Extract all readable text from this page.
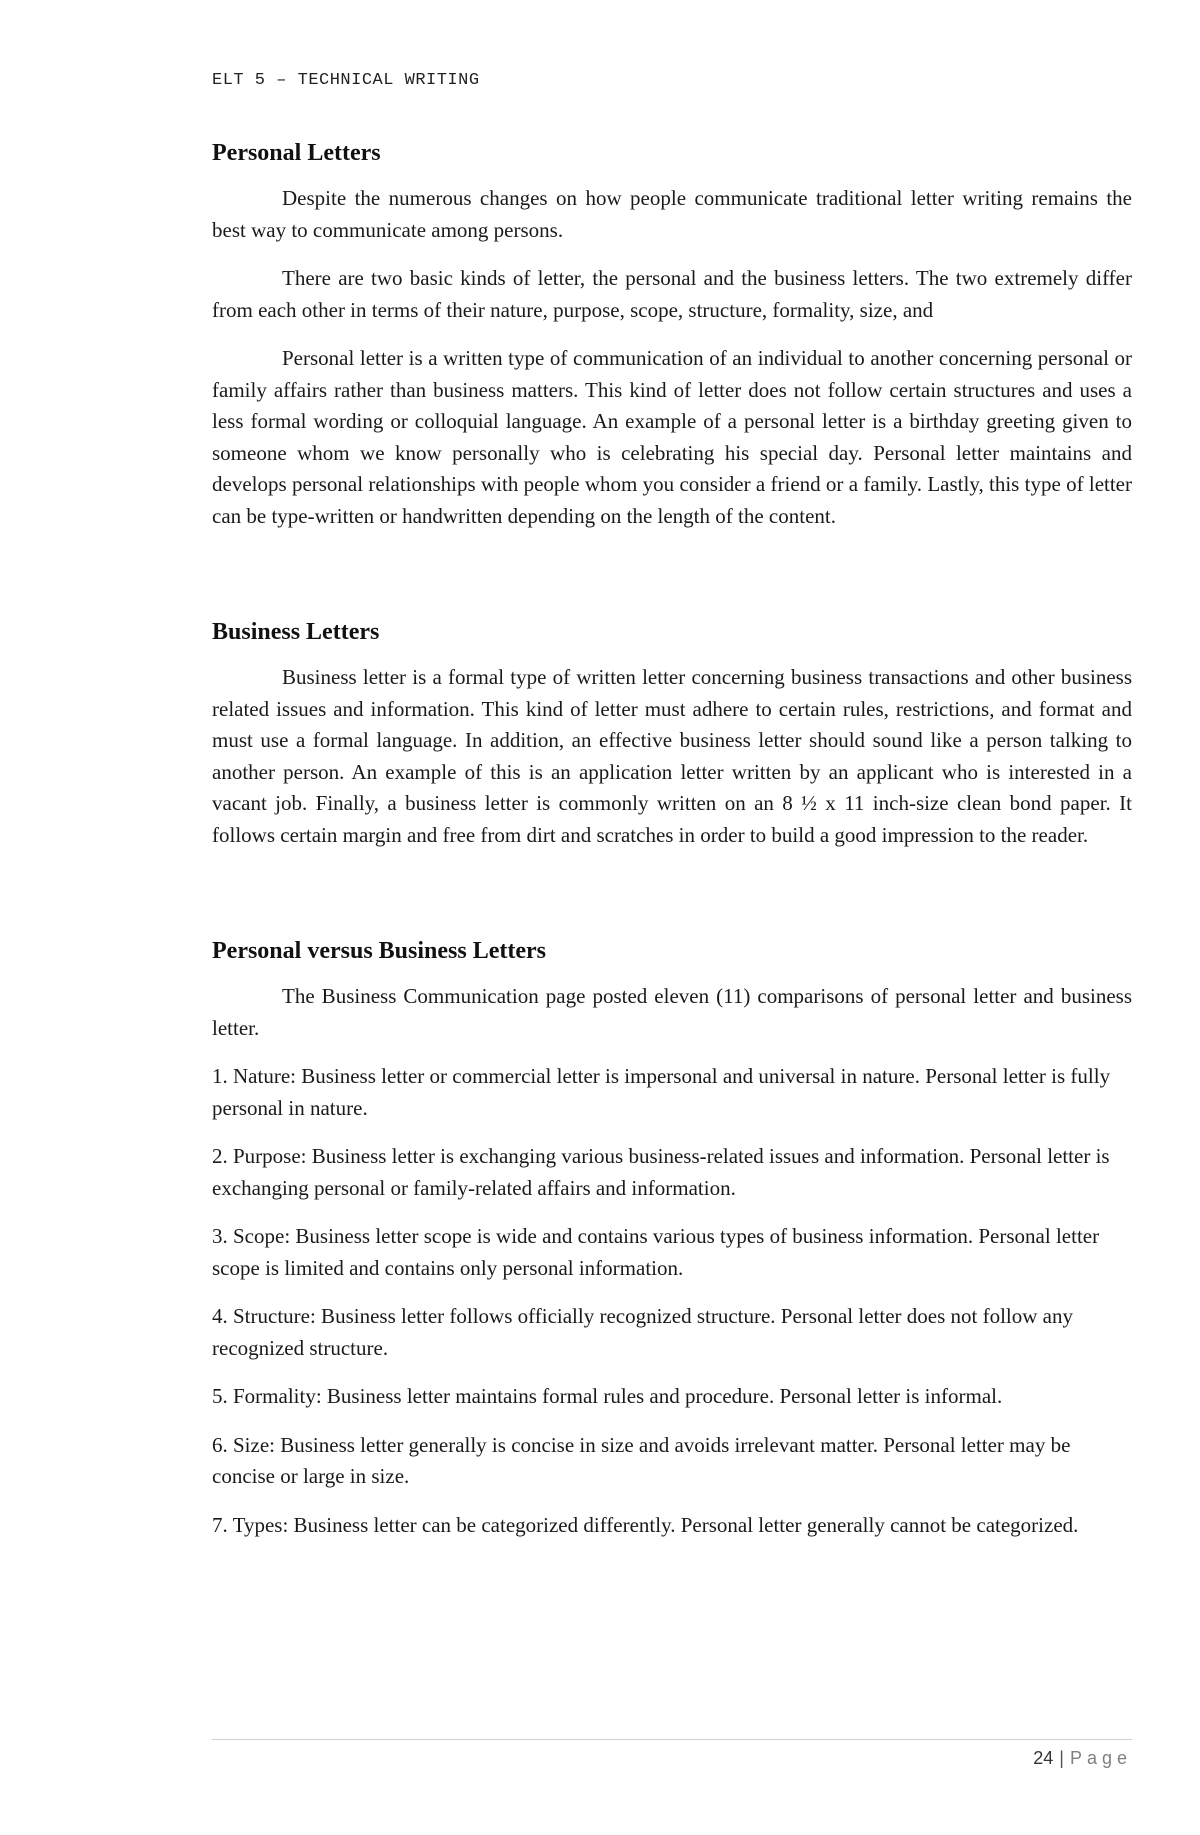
ELT 5 – TECHNICAL WRITING
Personal Letters

Despite the numerous changes on how people communicate traditional letter writing remains the best way to communicate among persons.

There are two basic kinds of letter, the personal and the business letters. The two extremely differ from each other in terms of their nature, purpose, scope, structure, formality, size, and

Personal letter is a written type of communication of an individual to another concerning personal or family affairs rather than business matters. This kind of letter does not follow certain structures and uses a less formal wording or colloquial language. An example of a personal letter is a birthday greeting given to someone whom we know personally who is celebrating his special day. Personal letter maintains and develops personal relationships with people whom you consider a friend or a family. Lastly, this type of letter can be type-written or handwritten depending on the length of the content.

Business Letters

Business letter is a formal type of written letter concerning business transactions and other business related issues and information. This kind of letter must adhere to certain rules, restrictions, and format and must use a formal language. In addition, an effective business letter should sound like a person talking to another person. An example of this is an application letter written by an applicant who is interested in a vacant job. Finally, a business letter is commonly written on an 8 ½ x 11 inch-size clean bond paper. It follows certain margin and free from dirt and scratches in order to build a good impression to the reader.

Personal versus Business Letters

The Business Communication page posted eleven (11) comparisons of personal letter and business letter.

1. Nature: Business letter or commercial letter is impersonal and universal in nature. Personal letter is fully personal in nature.

2. Purpose: Business letter is exchanging various business-related issues and information. Personal letter is exchanging personal or family-related affairs and information.

3. Scope: Business letter scope is wide and contains various types of business information. Personal letter scope is limited and contains only personal information.

4. Structure: Business letter follows officially recognized structure. Personal letter does not follow any recognized structure.

5. Formality: Business letter maintains formal rules and procedure. Personal letter is informal.

6. Size: Business letter generally is concise in size and avoids irrelevant matter. Personal letter may be concise or large in size.

7. Types: Business letter can be categorized differently. Personal letter generally cannot be categorized.

24 | Page
